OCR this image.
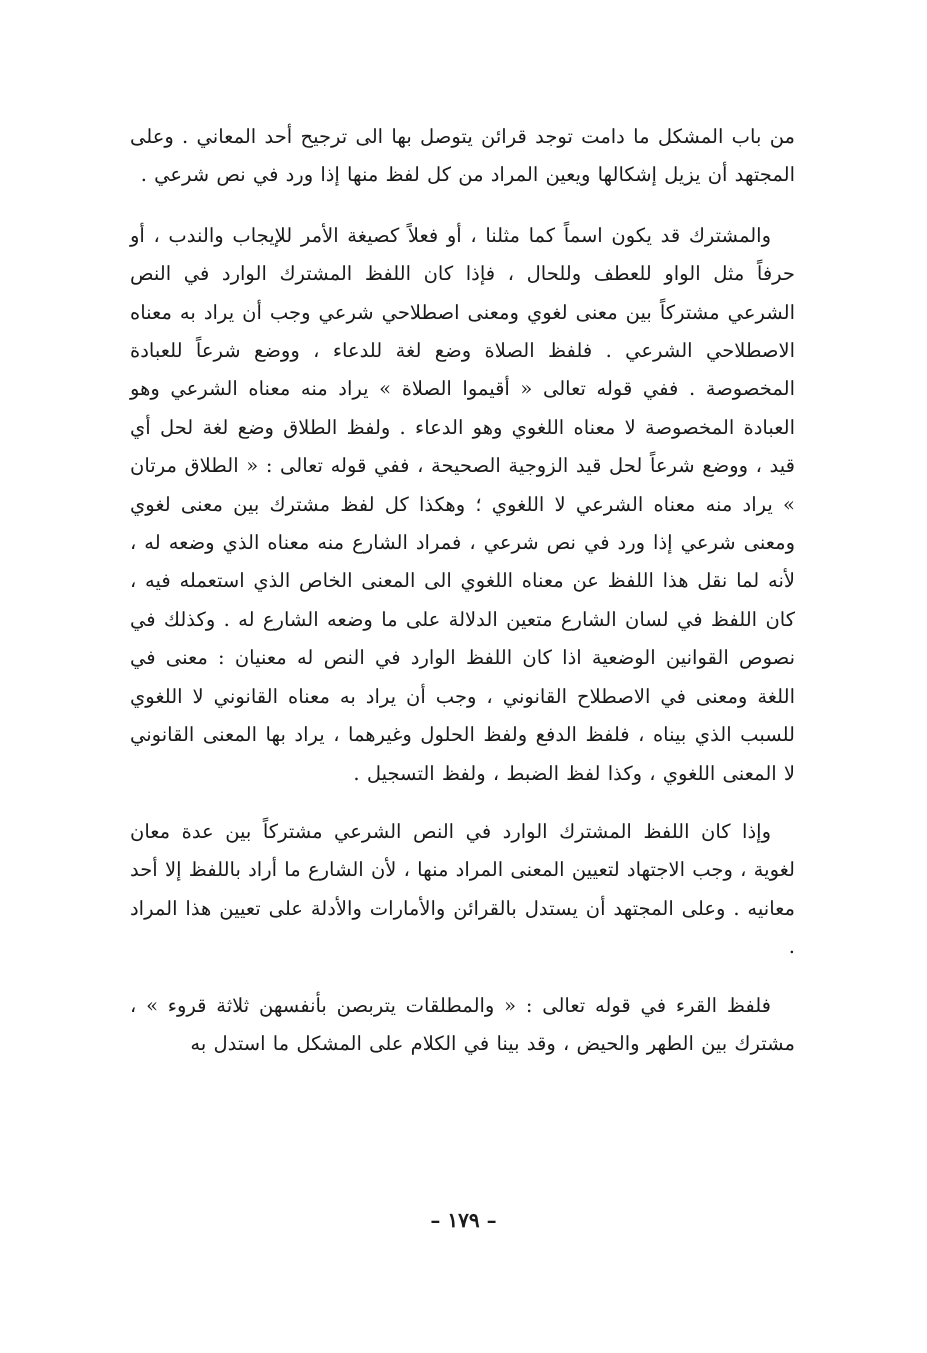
من باب المشكل ما دامت توجد قرائن يتوصل بها الى ترجيح أحد المعاني . وعلى المجتهد أن يزيل إشكالها ويعين المراد من كل لفظ منها إذا ورد في نص شرعي .

والمشترك قد يكون اسماً كما مثلنا ، أو فعلاً كصيغة الأمر للإيجاب والندب ، أو حرفاً مثل الواو للعطف وللحال ، فإذا كان اللفظ المشترك الوارد في النص الشرعي مشتركاً بين معنى لغوي ومعنى اصطلاحي شرعي وجب أن يراد به معناه الاصطلاحي الشرعي . فلفظ الصلاة وضع لغة للدعاء ، ووضع شرعاً للعبادة المخصوصة . ففي قوله تعالى « أقيموا الصلاة » يراد منه معناه الشرعي وهو العبادة المخصوصة لا معناه اللغوي وهو الدعاء . ولفظ الطلاق وضع لغة لحل أي قيد ، ووضع شرعاً لحل قيد الزوجية الصحيحة ، ففي قوله تعالى : « الطلاق مرتان » يراد منه معناه الشرعي لا اللغوي ؛ وهكذا كل لفظ مشترك بين معنى لغوي ومعنى شرعي إذا ورد في نص شرعي ، فمراد الشارع منه معناه الذي وضعه له ، لأنه لما نقل هذا اللفظ عن معناه اللغوي الى المعنى الخاص الذي استعمله فيه ، كان اللفظ في لسان الشارع متعين الدلالة على ما وضعه الشارع له . وكذلك في نصوص القوانين الوضعية اذا كان اللفظ الوارد في النص له معنيان : معنى في اللغة ومعنى في الاصطلاح القانوني ، وجب أن يراد به معناه القانوني لا اللغوي للسبب الذي بيناه ، فلفظ الدفع ولفظ الحلول وغيرهما ، يراد بها المعنى القانوني لا المعنى اللغوي ، وكذا لفظ الضبط ، ولفظ التسجيل .

وإذا كان اللفظ المشترك الوارد في النص الشرعي مشتركاً بين عدة معان لغوية ، وجب الاجتهاد لتعيين المعنى المراد منها ، لأن الشارع ما أراد باللفظ إلا أحد معانيه . وعلى المجتهد أن يستدل بالقرائن والأمارات والأدلة على تعيين هذا المراد .

فلفظ القرء في قوله تعالى : « والمطلقات يتربصن بأنفسهن ثلاثة قروء » ، مشترك بين الطهر والحيض ، وقد بينا في الكلام على المشكل ما استدل به

– ١٧٩ –
